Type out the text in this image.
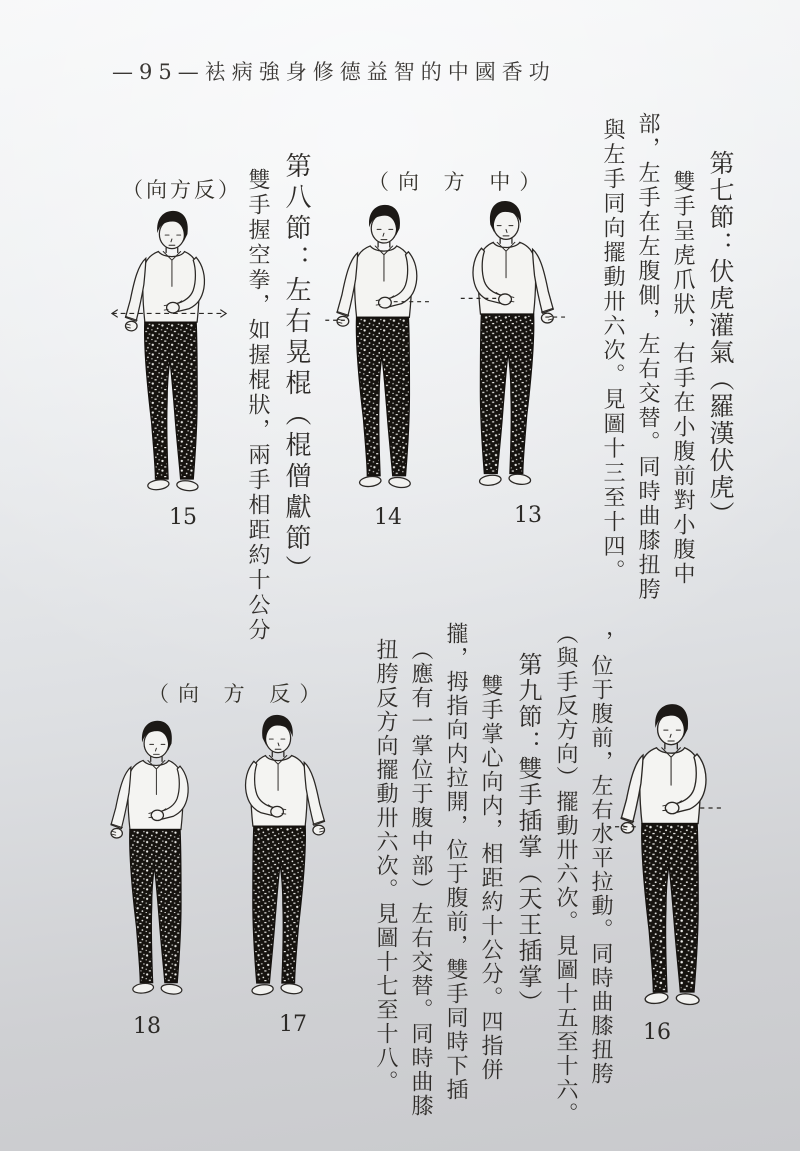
—95—袪病強身修德益智的中國香功
第七節：伏虎灌氣（羅漢伏虎）
雙手呈虎爪狀，右手在小腹前對小腹中
部，左手在左腹側，左右交替。同時曲膝扭胯
與左手同向擺動卅六次。見圖十三至十四。
第八節：左右晃棍（棍僧獻節）
雙手握空拳，如握棍狀，兩手相距約十公分
，位于腹前，左右水平拉動。同時曲膝扭胯
（與手反方向）擺動卅六次。見圖十五至十六。
第九節：雙手插掌（天王插掌）
雙手掌心向内，相距約十公分。四指併
攏，拇指向内拉開，位于腹前，雙手同時下插
（應有一掌位于腹中部）左右交替。同時曲膝
扭胯反方向擺動卅六次。見圖十七至十八。
（向方反）	（向 方 中）
（向 方 反）
15	14	13
18	17	16
